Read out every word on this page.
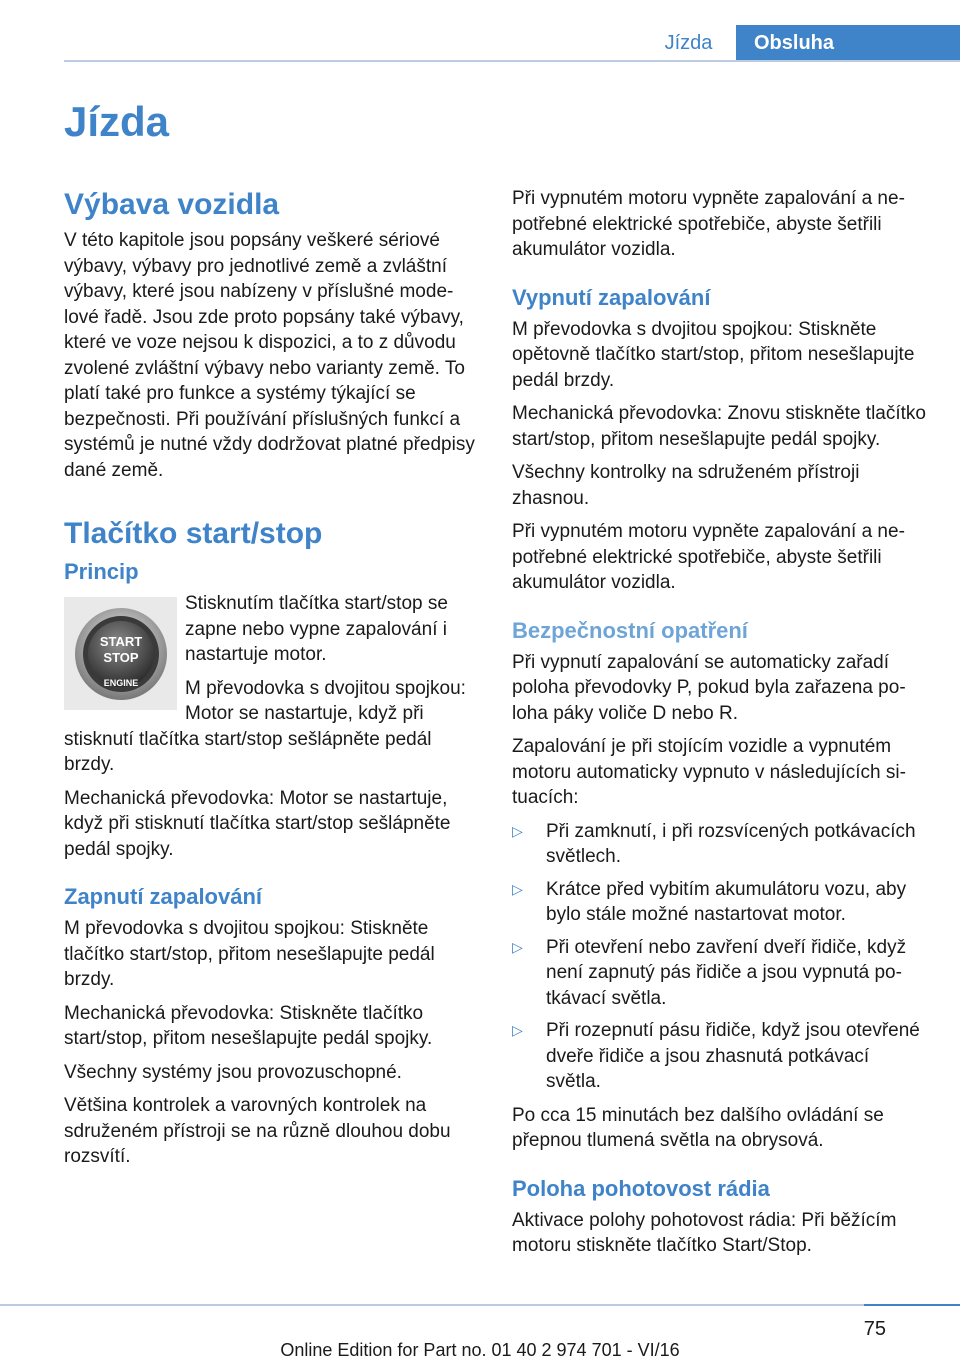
Jízda	Obsluha
Jízda
Výbava vozidla

V této kapitole jsou popsány veškeré sériové výbavy, výbavy pro jednotlivé země a zvláštní výbavy, které jsou nabízeny v příslušné modelové řadě. Jsou zde proto popsány také výbavy, které ve voze nejsou k dispozici, a to z důvodu zvolené zvláštní výbavy nebo varianty země. To platí také pro funkce a systémy týkající se bezpečnosti. Při používání příslušných funkcí a systémů je nutné vždy dodržovat platné předpisy dané země.

Tlačítko start/stop
Princip
START
STOP
ENGINE

Stisknutím tlačítka start/stop se zapne nebo vypne zapalování i nastartuje motor.

M převodovka s dvojitou spojkou: Motor se nastartuje, když při stisknutí tlačítka start/stop sešlápněte pedál brzdy.

Mechanická převodovka: Motor se nastartuje, když při stisknutí tlačítka start/stop sešlápněte pedál spojky.

Zapnutí zapalování

M převodovka s dvojitou spojkou: Stiskněte tlačítko start/stop, přitom nesešlapujte pedál brzdy.

Mechanická převodovka: Stiskněte tlačítko start/stop, přitom nesešlapujte pedál spojky.

Všechny systémy jsou provozuschopné.

Většina kontrolek a varovných kontrolek na sdruženém přístroji se na různě dlouhou dobu rozsvítí.

Při vypnutém motoru vypněte zapalování a nepotřebné elektrické spotřebiče, abyste šetřili akumulátor vozidla.

Vypnutí zapalování

M převodovka s dvojitou spojkou: Stiskněte opětovně tlačítko start/stop, přitom nesešlapujte pedál brzdy.

Mechanická převodovka: Znovu stiskněte tlačítko start/stop, přitom nesešlapujte pedál spojky.

Všechny kontrolky na sdruženém přístroji zhasnou.

Při vypnutém motoru vypněte zapalování a nepotřebné elektrické spotřebiče, abyste šetřili akumulátor vozidla.

Bezpečnostní opatření

Při vypnutí zapalování se automaticky zařadí poloha převodovky P, pokud byla zařazena poloha páky voliče D nebo R.

Zapalování je při stojícím vozidle a vypnutém motoru automaticky vypnuto v následujících situacích:

▷ Při zamknutí, i při rozsvícených potkávacích světlech.
▷ Krátce před vybitím akumulátoru vozu, aby bylo stále možné nastartovat motor.
▷ Při otevření nebo zavření dveří řidiče, když není zapnutý pás řidiče a jsou vypnutá potkávací světla.
▷ Při rozepnutí pásu řidiče, když jsou otevřené dveře řidiče a jsou zhasnutá potkávací světla.

Po cca 15 minutách bez dalšího ovládání se přepnou tlumená světla na obrysová.

Poloha pohotovost rádia

Aktivace polohy pohotovost rádia: Při běžícím motoru stiskněte tlačítko Start/Stop.

75
Online Edition for Part no. 01 40 2 974 701 - VI/16
